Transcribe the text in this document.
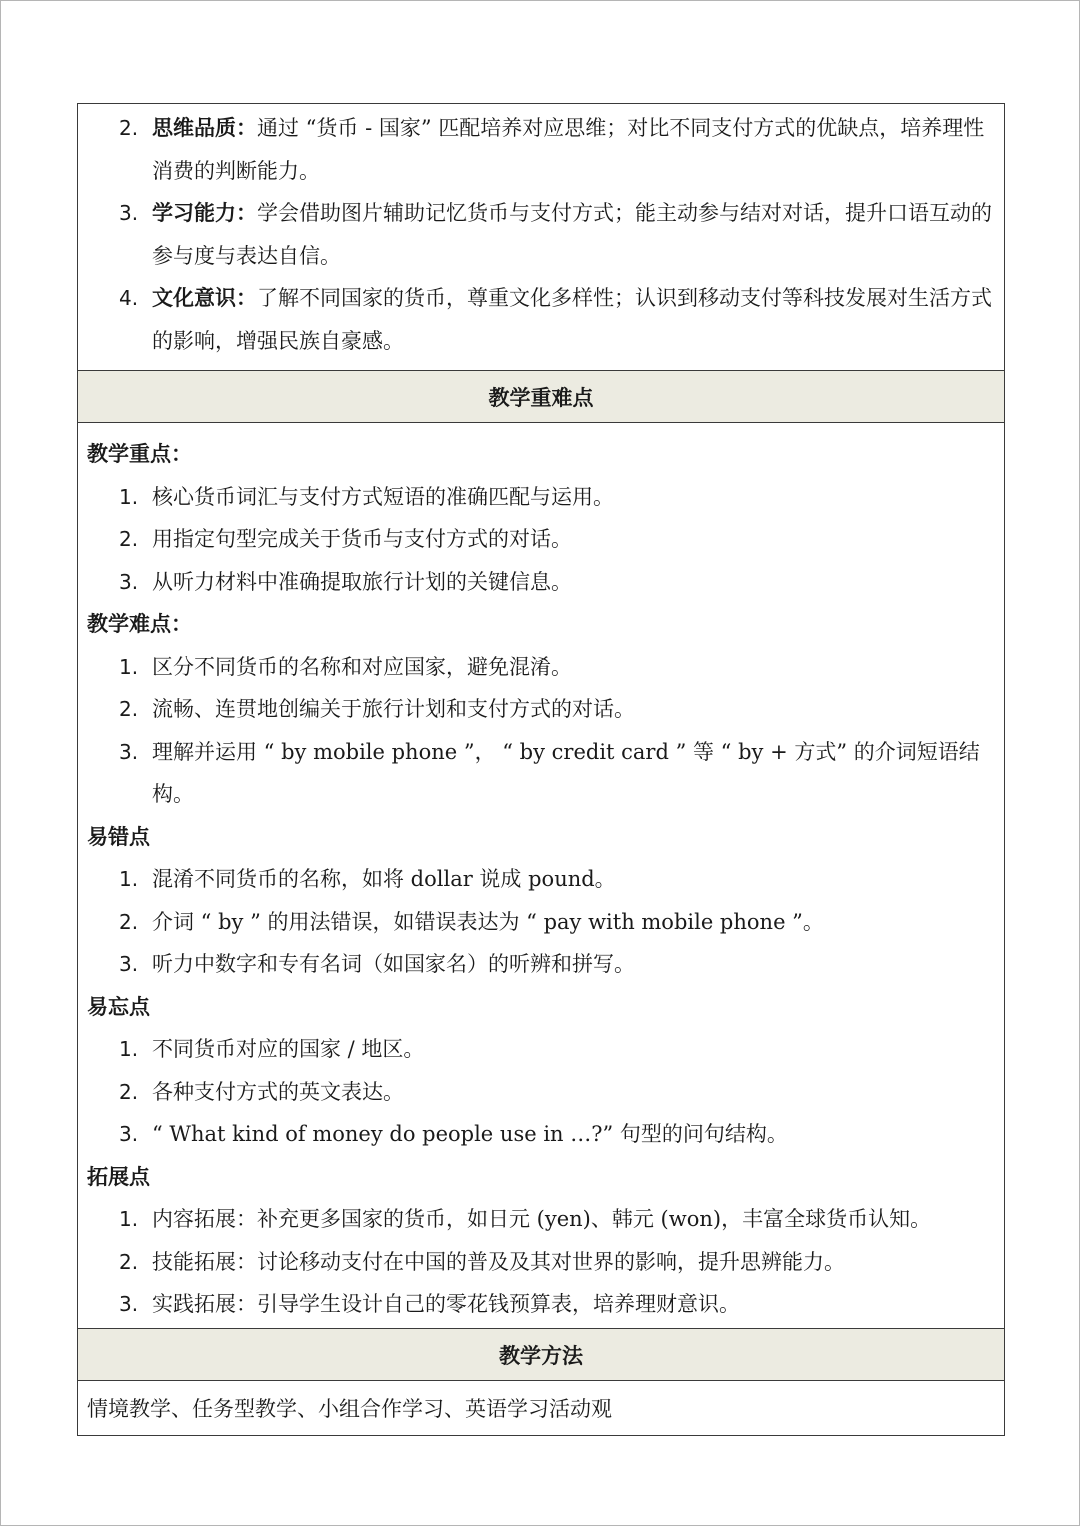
2. 思维品质：通过 “货币 - 国家” 匹配培养对应思维；对比不同支付方式的优缺点，培养理性消费的判断能力。
3. 学习能力：学会借助图片辅助记忆货币与支付方式；能主动参与结对对话，提升口语互动的参与度与表达自信。
4. 文化意识：了解不同国家的货币，尊重文化多样性；认识到移动支付等科技发展对生活方式的影响，增强民族自豪感。
教学重难点
教学重点：
1. 核心货币词汇与支付方式短语的准确匹配与运用。
2. 用指定句型完成关于货币与支付方式的对话。
3. 从听力材料中准确提取旅行计划的关键信息。
教学难点：
1. 区分不同货币的名称和对应国家，避免混淆。
2. 流畅、连贯地创编关于旅行计划和支付方式的对话。
3. 理解并运用 “ by mobile phone ”， “ by credit card ” 等 “ by + 方式” 的介词短语结构。
易错点
1. 混淆不同货币的名称，如将 dollar 说成 pound。
2. 介词 “ by ” 的用法错误，如错误表达为 “ pay with mobile phone ”。
3. 听力中数字和专有名词（如国家名）的听辨和拼写。
易忘点
1. 不同货币对应的国家 / 地区。
2. 各种支付方式的英文表达。
3. “ What kind of money do people use in …?” 句型的问句结构。
拓展点
1. 内容拓展：补充更多国家的货币，如日元 (yen)、韩元 (won)，丰富全球货币认知。
2. 技能拓展：讨论移动支付在中国的普及及其对世界的影响，提升思辨能力。
3. 实践拓展：引导学生设计自己的零花钱预算表，培养理财意识。
教学方法
情境教学、任务型教学、小组合作学习、英语学习活动观
